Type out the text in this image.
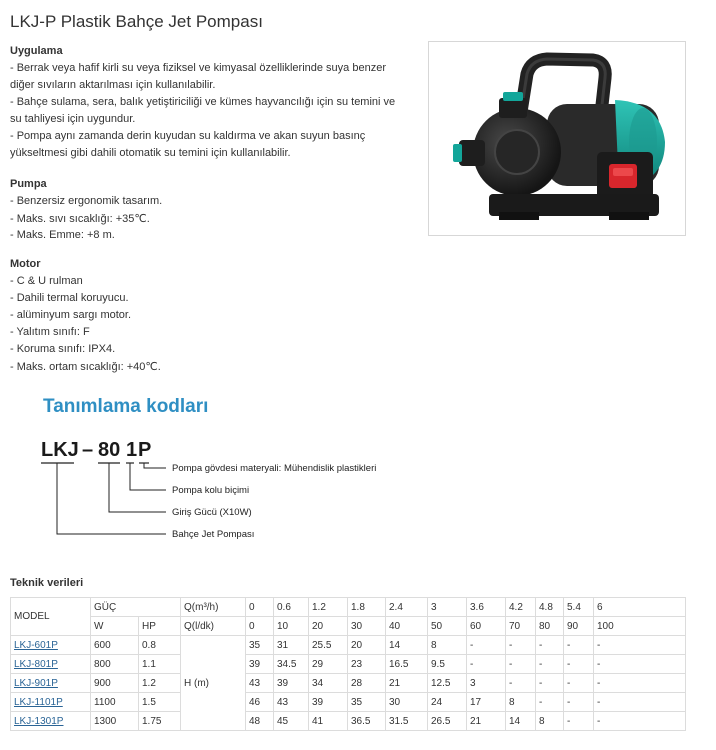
LKJ-P Plastik Bahçe Jet Pompası
Uygulama
- Berrak veya hafif kirli su veya fiziksel ve kimyasal özelliklerinde suya benzer
diğer sıvıların aktarılması için kullanılabilir.
- Bahçe sulama, sera, balık yetiştiriciliği ve kümes hayvancılığı için su temini ve
su tahliyesi için uygundur.
- Pompa aynı zamanda derin kuyudan su kaldırma ve akan suyun basınç
yükseltmesi gibi dahili otomatik su temini için kullanılabilir.
Pumpa
- Benzersiz ergonomik tasarım.
- Maks. sıvı sıcaklığı: +35℃.
- Maks. Emme: +8 m.
Motor
- C & U rulman
- Dahili termal koruyucu.
- alüminyum sargı motor.
- Yalıtım sınıfı: F
- Koruma sınıfı: IPX4.
- Maks. ortam sıcaklığı: +40℃.
Tanımlama kodları
LKJ – 80 1 P
Pompa gövdesi materyali: Mühendislik plastikleri
Pompa kolu biçimi
Giriş Gücü (X10W)
Bahçe Jet Pompası
Teknik verileri
MODEL	GÜÇ		Q(m³/h)	0	0.6	1.2	1.8	2.4	3	3.6	4.2	4.8	5.4	6
	W	HP	Q(l/dk)	0	10	20	30	40	50	60	70	80	90	100
LKJ-601P	600	0.8	H (m)	35	31	25.5	20	14	8	-	-	-	-	-
LKJ-801P	800	1.1		39	34.5	29	23	16.5	9.5	-	-	-	-	-
LKJ-901P	900	1.2		43	39	34	28	21	12.5	3	-	-	-	-
LKJ-1101P	1100	1.5		46	43	39	35	30	24	17	8	-	-	-
LKJ-1301P	1300	1.75		48	45	41	36.5	31.5	26.5	21	14	8	-	-
